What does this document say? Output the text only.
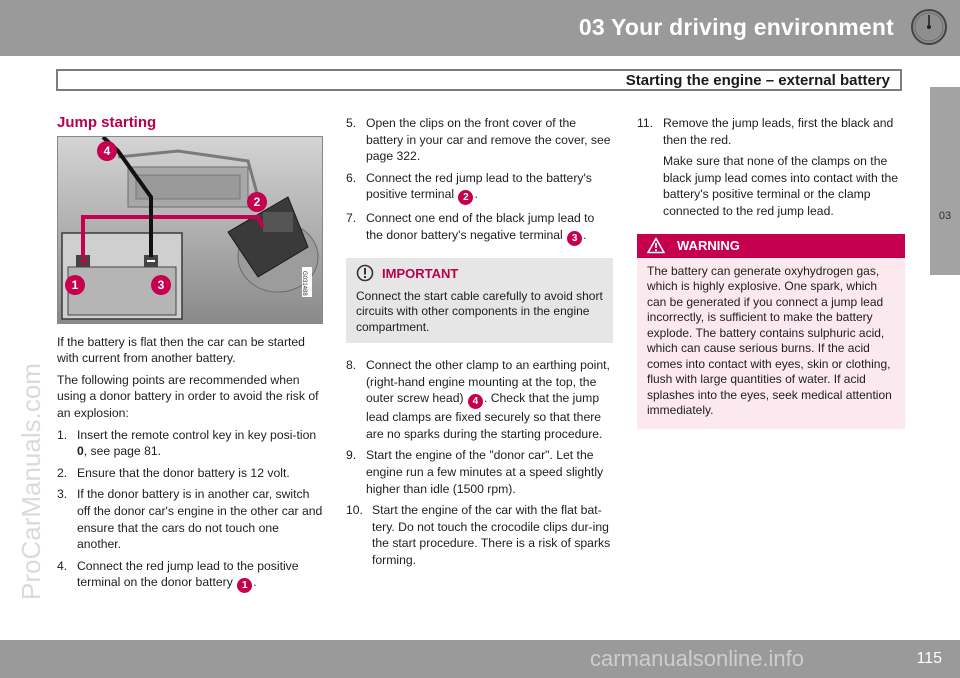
03 Your driving environment
Starting the engine – external battery
03
115
ProCarManuals.com
carmanualsonline.info
Jump starting
G031488
4
2
1	3

If the battery is flat then the car can be started with current from another battery.

The following points are recommended when using a donor battery in order to avoid the risk of an explosion:

1. Insert the remote control key in key posi-tion 0, see page 81.
2. Ensure that the donor battery is 12 volt.
3. If the donor battery is in another car, switch off the donor car's engine in the other car and ensure that the cars do not touch one another.
4. Connect the red jump lead to the positive terminal on the donor battery 1 .
5. Open the clips on the front cover of the battery in your car and remove the cover, see page 322.
6. Connect the red jump lead to the battery's positive terminal 2 .
7. Connect one end of the black jump lead to the donor battery's negative terminal 3 .
IMPORTANT
Connect the start cable carefully to avoid short circuits with other components in the engine compartment.
8. Connect the other clamp to an earthing point, (right-hand engine mounting at the top, the outer screw head) 4 . Check that the jump lead clamps are fixed securely so that there are no sparks during the starting procedure.
9. Start the engine of the "donor car". Let the engine run a few minutes at a speed slightly higher than idle (1500 rpm).
10. Start the engine of the car with the flat bat-tery. Do not touch the crocodile clips dur-ing the start procedure. There is a risk of sparks forming.
11. Remove the jump leads, first the black and then the red.

Make sure that none of the clamps on the black jump lead comes into contact with the battery's positive terminal or the clamp connected to the red jump lead.

WARNING
The battery can generate oxyhydrogen gas, which is highly explosive. One spark, which can be generated if you connect a jump lead incorrectly, is sufficient to make the battery explode. The battery contains sulphuric acid, which can cause serious burns. If the acid comes into contact with eyes, skin or clothing, flush with large quantities of water. If acid splashes into the eyes, seek medical attention immediately.
